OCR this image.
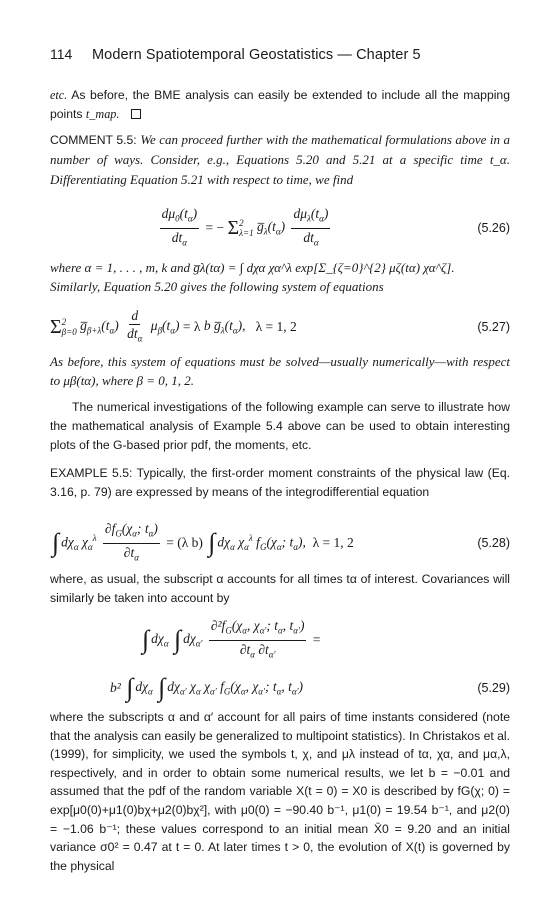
114	Modern Spatiotemporal Geostatistics — Chapter 5

etc. As before, the BME analysis can easily be extended to include all the mapping points t_map.

COMMENT 5.5: We can proceed further with the mathematical formulations above in a number of ways. Consider, e.g., Equations 5.20 and 5.21 at a specific time t_α. Differentiating Equation 5.21 with respect to time, we find

$\frac{d\mu_0(t_\alpha)}{dt_\alpha}$ = − Σ 2
λ=1 $g̅_\lambda(t_\alpha) \frac{d\mu_\lambda(t_\alpha)}{dt_\alpha}$	(5.26)

where α = 1, . . . , m, k and g̅λ(tα) = ∫ dχα χα^λ exp[Σ_{ζ=0}^{2} μζ(tα) χα^ζ].
Similarly, Equation 5.20 gives the following system of equations

Σ 2
β=0 $g̅_{\beta+\lambda}(t_\alpha) \frac{d}{dt_\alpha} \mu_\beta(t_\alpha) = \lambda$ b $g̅_\lambda(t_\alpha)$, λ = 1, 2	(5.27)

As before, this system of equations must be solved—usually numerically—with respect to μβ(tα), where β = 0, 1, 2.

The numerical investigations of the following example can serve to illustrate how the mathematical analysis of Example 5.4 above can be used to obtain interesting plots of the G-based prior pdf, the moments, etc.

EXAMPLE 5.5: Typically, the first-order moment constraints of the physical law (Eq. 3.16, p. 79) are expressed by means of the integrodifferential equation

∫ $d\chi_\alpha$ $\chi_\alpha^\lambda \frac{\partial f_G(\chi_\alpha; t_\alpha)}{\partial t_\alpha} = (\lambda$ b) ∫ $d\chi_\alpha$ $\chi_\alpha^\lambda$ $f_G(\chi_\alpha$; $t_\alpha$), λ = 1, 2	(5.28)

where, as usual, the subscript α accounts for all times tα of interest. Covariances will similarly be taken into account by

∫ $d\chi_\alpha$ ∫ $d\chi_{\alpha'} \frac{\partial^2f_G(\chi_\alpha, \chi_{\alpha'}; t_\alpha, t_{\alpha'})}{\partial t_\alpha \partial t_{\alpha'}}$ =
b² ∫ $d\chi_\alpha$ ∫ $d\chi_{\alpha'}$ $\chi_\alpha$ $\chi_{\alpha'}$ $f_G(\chi_\alpha$, $\chi_{\alpha'}$; $t_\alpha$, $t_{\alpha'}$)	(5.29)

where the subscripts α and α′ account for all pairs of time instants considered (note that the analysis can easily be generalized to multipoint statistics). In Christakos et al. (1999), for simplicity, we used the symbols t, χ, and μλ instead of tα, χα, and μα,λ, respectively, and in order to obtain some numerical results, we let b = −0.01 and assumed that the pdf of the random variable X(t = 0) = X0 is described by fG(χ; 0) = exp[μ0(0)+μ1(0)bχ+μ2(0)bχ²], with μ0(0) = −90.40 b⁻¹, μ1(0) = 19.54 b⁻¹, and μ2(0) = −1.06 b⁻¹; these values correspond to an initial mean X̄0 = 9.20 and an initial variance σ0² = 0.47 at t = 0. At later times t > 0, the evolution of X(t) is governed by the physical
